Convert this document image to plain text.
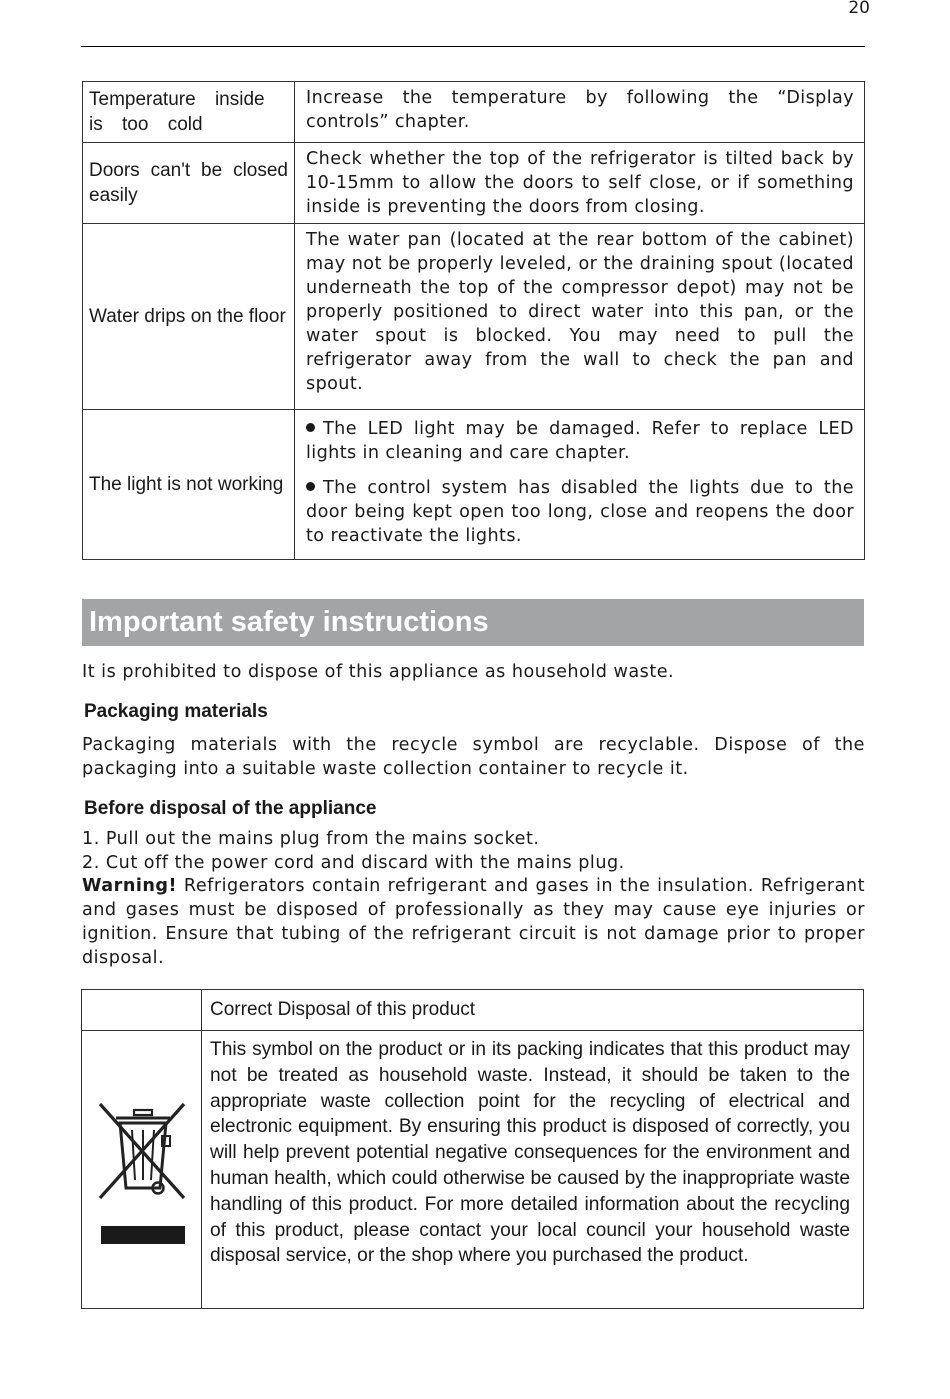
20
Temperature inside is too cold	Increase the temperature by following the “Display controls” chapter.

Doors can't be closed easily	Check whether the top of the refrigerator is tilted back by 10-15mm to allow the doors to self close, or if something inside is preventing the doors from closing.

Water drips on the floor	The water pan (located at the rear bottom of the cabinet) may not be properly leveled, or the draining spout (located underneath the top of the compressor depot) may not be properly positioned to direct water into this pan, or the water spout is blocked. You may need to pull the refrigerator away from the wall to check the pan and spout.

The light is not working	The LED light may be damaged. Refer to replace LED lights in cleaning and care chapter.
The control system has disabled the lights due to the door being kept open too long, close and reopens the door to reactivate the lights.
Important safety instructions
It is prohibited to dispose of this appliance as household waste.
Packaging materials
Packaging materials with the recycle symbol are recyclable. Dispose of the packaging into a suitable waste collection container to recycle it.
Before disposal of the appliance
1. Pull out the mains plug from the mains socket.
2. Cut off the power cord and discard with the mains plug.
Warning! Refrigerators contain refrigerant and gases in the insulation. Refrigerant and gases must be disposed of professionally as they may cause eye injuries or ignition. Ensure that tubing of the refrigerant circuit is not damage prior to proper disposal.
	Correct Disposal of this product

	This symbol on the product or in its packing indicates that this product may not be treated as household waste. Instead, it should be taken to the appropriate waste collection point for the recycling of electrical and electronic equipment. By ensuring this product is disposed of correctly, you will help prevent potential negative consequences for the environment and human health, which could otherwise be caused by the inappropriate waste handling of this product. For more detailed information about the recycling of this product, please contact your local council your household waste disposal service, or the shop where you purchased the product.
